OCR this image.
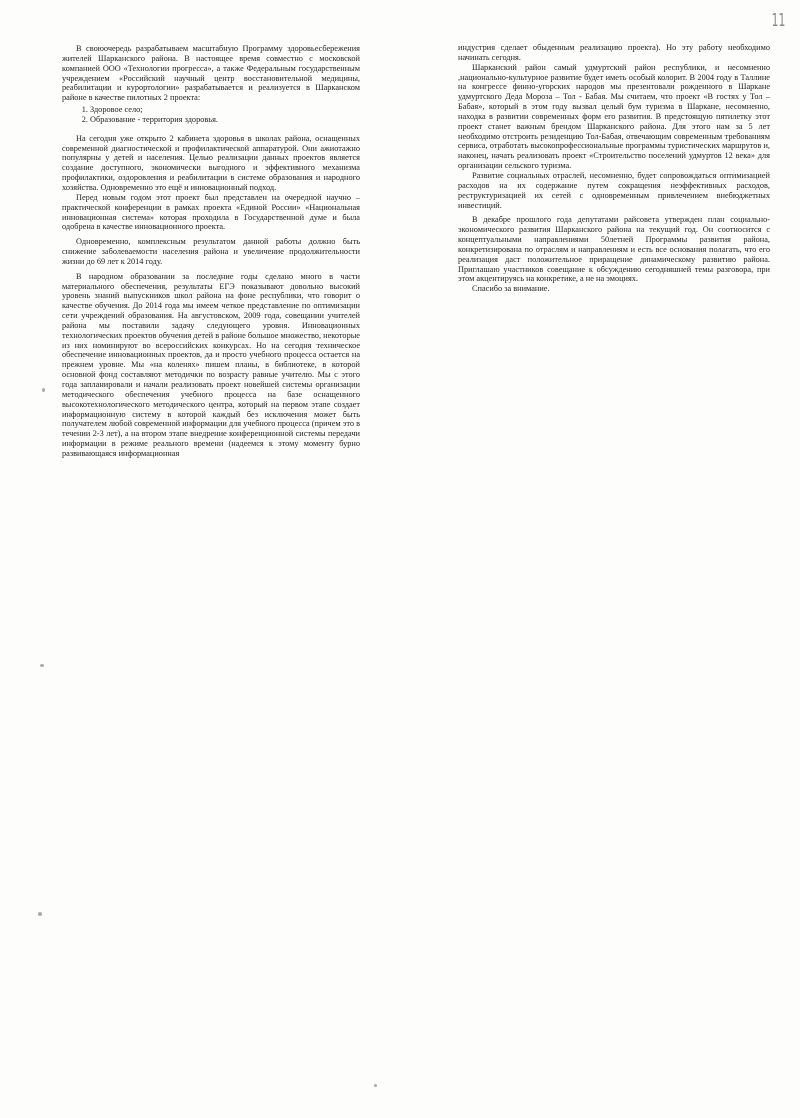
11

В своюочередь разрабатываем масштабную Программу здоровьесбережения жителей Шарканского района. В настоящее время совместно с московской компанией ООО «Технологии прогресса», а также Федеральным государственным учреждением «Российский научный центр восстановительной медицины, реабилитации и курортологии» разрабатывается и реализуется в Шарканском районе в качестве пилотных 2 проекта:

1. Здоровое село;
2. Образование - территория здоровья.

На сегодня уже открыто 2 кабинета здоровья в школах района, оснащенных современной диагностической и профилактической аппаратурой. Они ажиотажно популярны у детей и населения. Целью реализации данных проектов является создание доступного, экономически выгодного и эффективного механизма профилактики, оздоровления и реабилитации в системе образования и народного хозяйства. Одновременно это ещё и инновационный подход.

Перед новым годом этот проект был представлен на очередной научно – практической конференции в рамках проекта «Единой России» «Национальная инновационная система» которая проходила в Государственной думе и была одобрена в качестве инновационного проекта.

Одновременно, комплексным результатом данной работы должно быть снижение заболеваемости населения района и увеличение продолжительности жизни до 69 лет к 2014 году.

В народном образовании за последние годы сделано много в части материального обеспечения, результаты ЕГЭ показывают довольно высокий уровень знаний выпускников школ района на фоне республики, что говорит о качестве обучения. До 2014 года мы имеем четкое представление по оптимизации сети учреждений образования. На августовском, 2009 года, совещании учителей района мы поставили задачу следующего уровня. Инновационных технологических проектов обучения детей в районе большое множество, некоторые из них номинируют во всероссийских конкурсах. Но на сегодня техническое обеспечение инновационных проектов, да и просто учебного процесса остается на прежнем уровне. Мы «на коленях» пишем планы, в библиотеке, в которой основной фонд составляют методички по возрасту равные учителю. Мы с этого года запланировали и начали реализовать проект новейшей системы организации методического обеспечения учебного процесса на базе оснащенного высокотехнологического методического центра, который на первом этапе создает информационную систему в которой каждый без исключения может быть получателем любой современной информации для учебного процесса (причем это в течении 2-3 лет), а на втором этапе внедрение конференционной системы передачи информации в режиме реального времени (надеемся к этому моменту бурно развивающаяся информационная

индустрия сделает обыденным реализацию проекта). Но эту работу необходимо начинать сегодня.

Шарканский район самый удмуртский район республики, и несомненно ,национально-культурное развитие будет иметь особый колорит. В 2004 году в Таллине на конгрессе финно-угорских народов мы презентовали рожденного в Шаркане удмуртского Деда Мороза – Тол - Бабая. Мы считаем, что проект «В гостях у Тол – Бабая», который в этом году вызвал целый бум туризма в Шаркане, несомненно, находка в развитии современных форм его развития. В предстоящую пятилетку этот проект станет важным брендом Шарканского района. Для этого нам за 5 лет необходимо отстроить резиденцию Тол-Бабая, отвечающим современным требованиям сервиса, отработать высокопрофессиональные программы туристических маршрутов и, наконец, начать реализовать проект «Строительство поселений удмуртов 12 века» для организации сельского туризма.

Развитие социальных отраслей, несомненно, будет сопровождаться оптимизацией расходов на их содержание путем сокращения неэффективных расходов, реструктуризацией их сетей с одновременным привлечением внебюджетных инвестиций.

В декабре прошлого года депутатами райсовета утвержден план социально-экономического развития Шарканского района на текущий год. Он соотносится с концептуальными направлениями 50летней Программы развития района, конкретизирована по отраслям и направлениям и есть все основания полагать, что его реализация даст положительное приращение динамическому развитию района. Приглашаю участников совещание к обсуждению сегодняшней темы разговора, при этом акцентируясь на конкретике, а не на эмоциях.

Спасибо за внимание.
